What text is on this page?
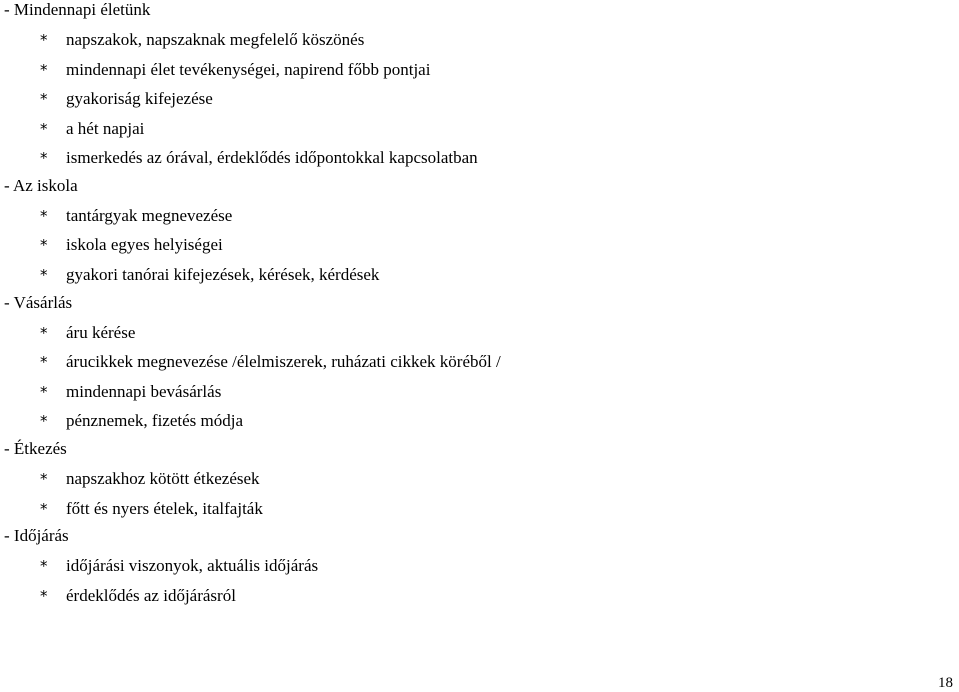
- Mindennapi életünk
* napszakok, napszaknak megfelelő köszönés
* mindennapi élet tevékenységei, napirend főbb pontjai
* gyakoriság kifejezése
* a hét napjai
* ismerkedés az órával, érdeklődés időpontokkal kapcsolatban
- Az iskola
* tantárgyak megnevezése
* iskola egyes helyiségei
* gyakori tanórai kifejezések, kérések, kérdések
- Vásárlás
* áru kérése
* árucikkek megnevezése /élelmiszerek, ruházati cikkek köréből /
* mindennapi bevásárlás
* pénznemek, fizetés módja
- Étkezés
* napszakhoz kötött étkezések
* főtt és nyers ételek, italfajták
- Időjárás
* időjárási viszonyok, aktuális időjárás
* érdeklődés az időjárásról
18
